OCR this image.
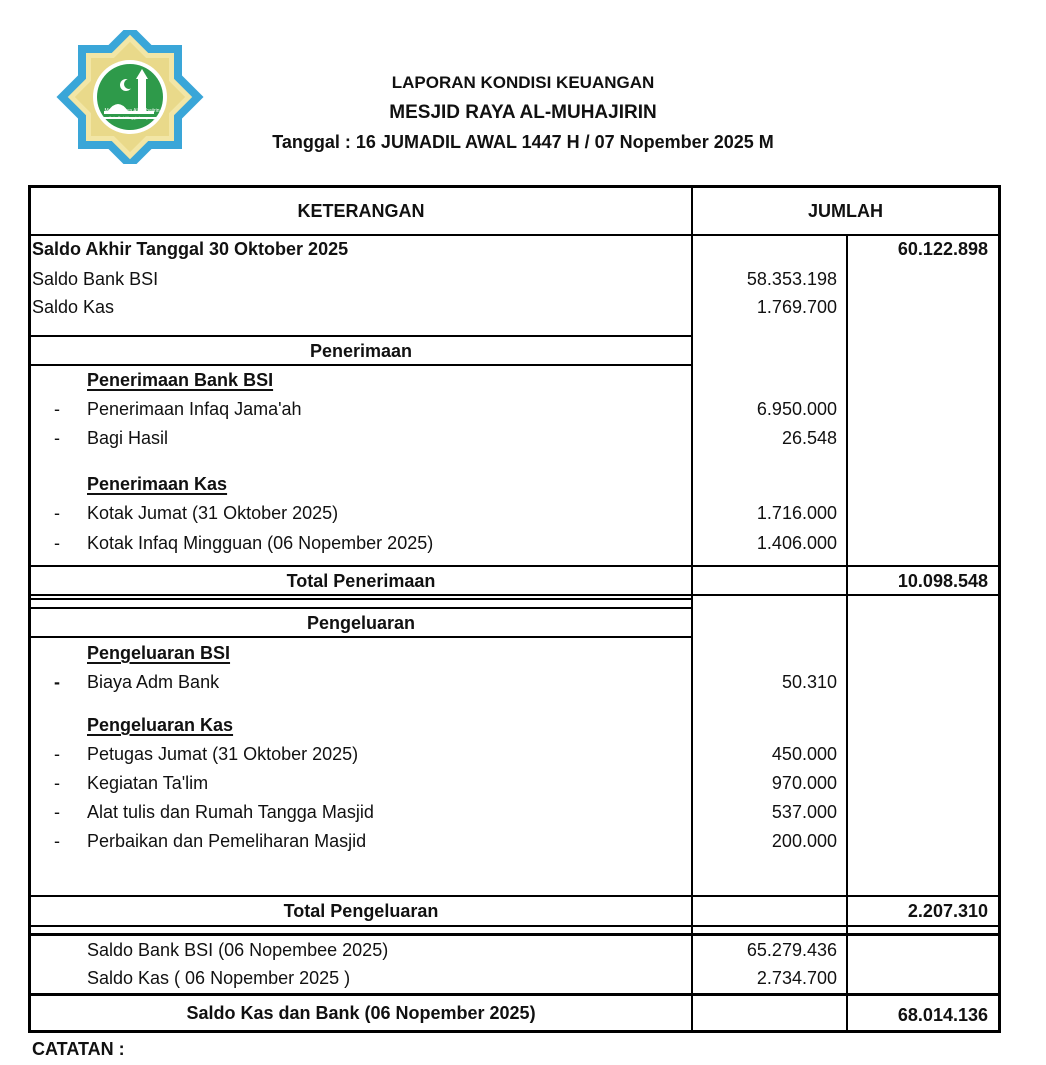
Mesjid Raya Al-Muhajirin
Kota Bukittinggi, Lampung
LAPORAN KONDISI KEUANGAN
MESJID RAYA AL-MUHAJIRIN
Tanggal : 16 JUMADIL AWAL 1447 H / 07 Nopember 2025 M
KETERANGAN	JUMLAH
Saldo Akhir Tanggal 30 Oktober 2025	60.122.898
Saldo Bank BSI	58.353.198
Saldo Kas	1.769.700
Penerimaan
Penerimaan Bank BSI
- Penerimaan Infaq Jama'ah	6.950.000
- Bagi Hasil	26.548
Penerimaan Kas
- Kotak Jumat (31 Oktober 2025)	1.716.000
- Kotak Infaq Mingguan (06 Nopember 2025)	1.406.000
Total Penerimaan	10.098.548
Pengeluaran
Pengeluaran BSI
- Biaya Adm Bank	50.310
Pengeluaran Kas
- Petugas Jumat (31 Oktober 2025)	450.000
- Kegiatan Ta'lim	970.000
- Alat tulis dan Rumah Tangga Masjid	537.000
- Perbaikan dan Pemeliharan Masjid	200.000
Total Pengeluaran	2.207.310
Saldo Bank BSI (06 Nopembee 2025)	65.279.436
Saldo Kas ( 06 Nopember 2025 )	2.734.700
Saldo Kas dan Bank (06 Nopember 2025)	68.014.136
CATATAN :
